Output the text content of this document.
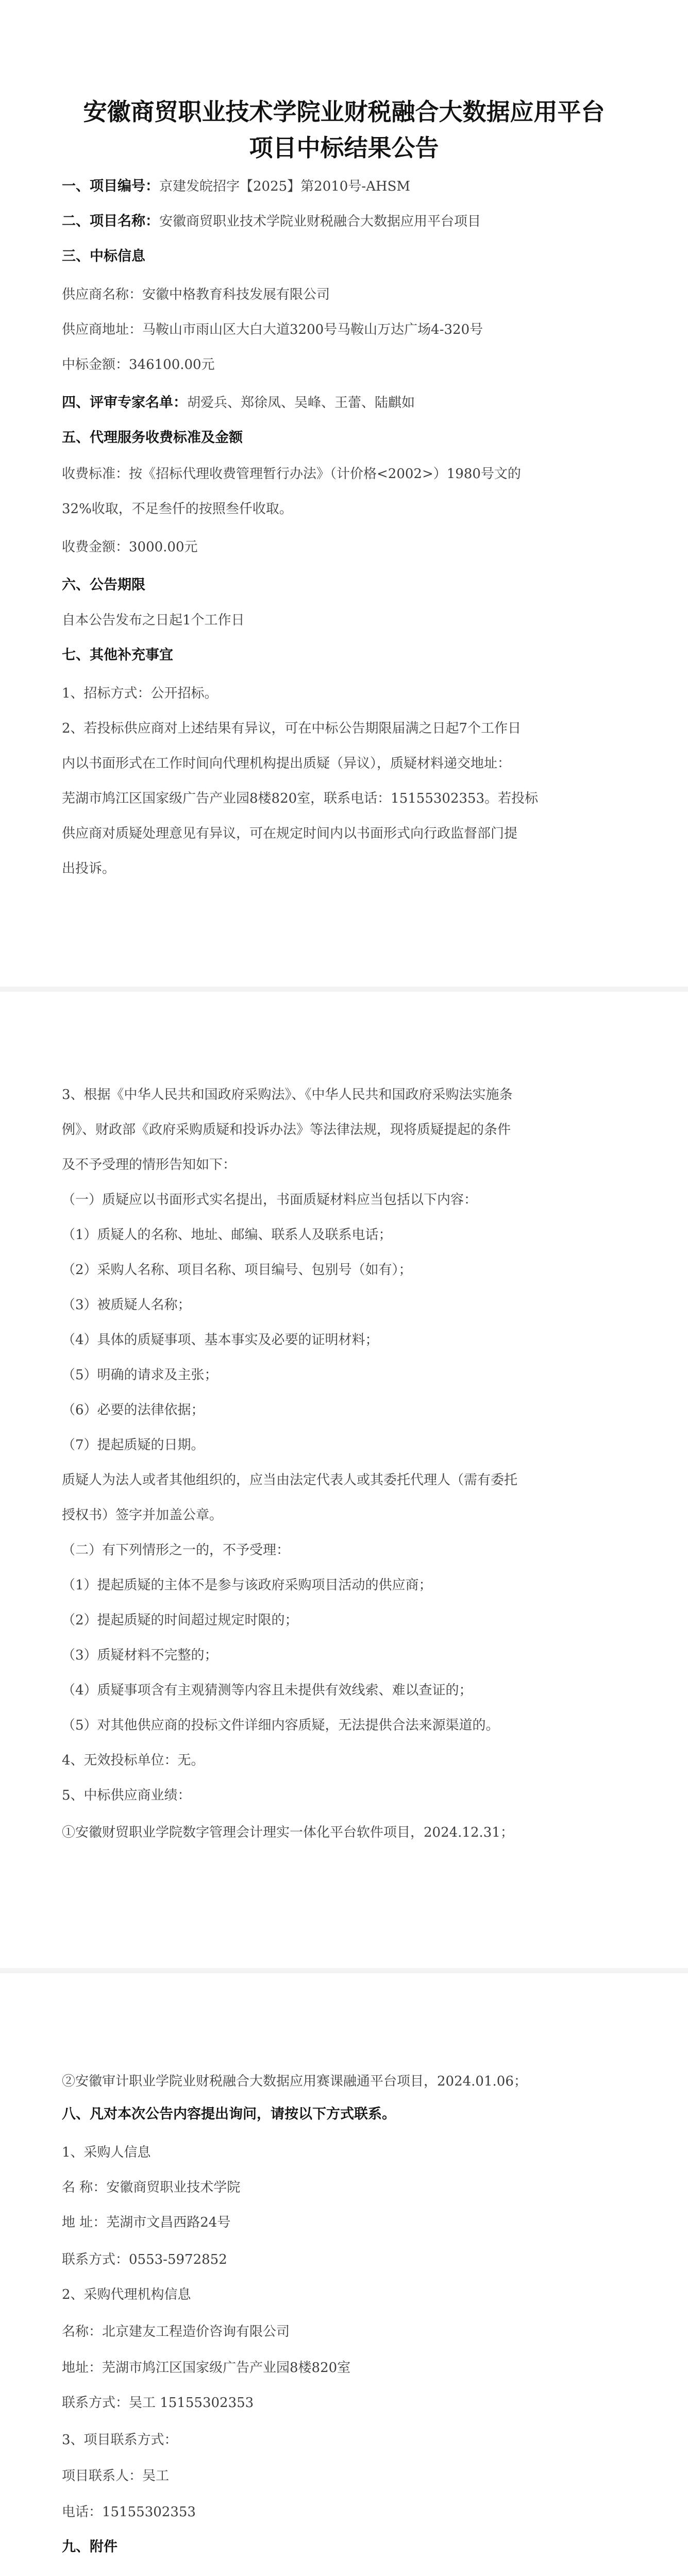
安徽商贸职业技术学院业财税融合大数据应用平台
项目中标结果公告
一、项目编号：京建发皖招字【2025】第2010号-AHSM
二、项目名称：安徽商贸职业技术学院业财税融合大数据应用平台项目
三、中标信息
供应商名称：安徽中格教育科技发展有限公司
供应商地址：马鞍山市雨山区大白大道3200号马鞍山万达广场4-320号
中标金额：346100.00元
四、评审专家名单：胡爱兵、郑徐凤、吴峰、王蕾、陆麒如
五、代理服务收费标准及金额
收费标准：按《招标代理收费管理暂行办法》（计价格<2002>）1980号文的
32%收取，不足叁仟的按照叁仟收取。
收费金额：3000.00元
六、公告期限
自本公告发布之日起1个工作日
七、其他补充事宜
1、招标方式：公开招标。
2、若投标供应商对上述结果有异议，可在中标公告期限届满之日起7个工作日
内以书面形式在工作时间向代理机构提出质疑（异议），质疑材料递交地址：
芜湖市鸠江区国家级广告产业园8楼820室，联系电话：15155302353。若投标
供应商对质疑处理意见有异议，可在规定时间内以书面形式向行政监督部门提
出投诉。
3、根据《中华人民共和国政府采购法》、《中华人民共和国政府采购法实施条
例》、财政部《政府采购质疑和投诉办法》等法律法规，现将质疑提起的条件
及不予受理的情形告知如下：
（一）质疑应以书面形式实名提出，书面质疑材料应当包括以下内容：
（1）质疑人的名称、地址、邮编、联系人及联系电话；
（2）采购人名称、项目名称、项目编号、包别号（如有）；
（3）被质疑人名称；
（4）具体的质疑事项、基本事实及必要的证明材料；
（5）明确的请求及主张；
（6）必要的法律依据；
（7）提起质疑的日期。
质疑人为法人或者其他组织的，应当由法定代表人或其委托代理人（需有委托
授权书）签字并加盖公章。
（二）有下列情形之一的，不予受理：
（1）提起质疑的主体不是参与该政府采购项目活动的供应商；
（2）提起质疑的时间超过规定时限的；
（3）质疑材料不完整的；
（4）质疑事项含有主观猜测等内容且未提供有效线索、难以查证的；
（5）对其他供应商的投标文件详细内容质疑，无法提供合法来源渠道的。
4、无效投标单位：无。
5、中标供应商业绩：
①安徽财贸职业学院数字管理会计理实一体化平台软件项目，2024.12.31；
②安徽审计职业学院业财税融合大数据应用赛课融通平台项目，2024.01.06；
八、凡对本次公告内容提出询问，请按以下方式联系。
1、采购人信息
名 称：安徽商贸职业技术学院
地 址：芜湖市文昌西路24号
联系方式：0553-5972852
2、采购代理机构信息
名称：北京建友工程造价咨询有限公司
地址：芜湖市鸠江区国家级广告产业园8楼820室
联系方式：吴工 15155302353
3、项目联系方式：
项目联系人：吴工
电话：15155302353
九、附件
